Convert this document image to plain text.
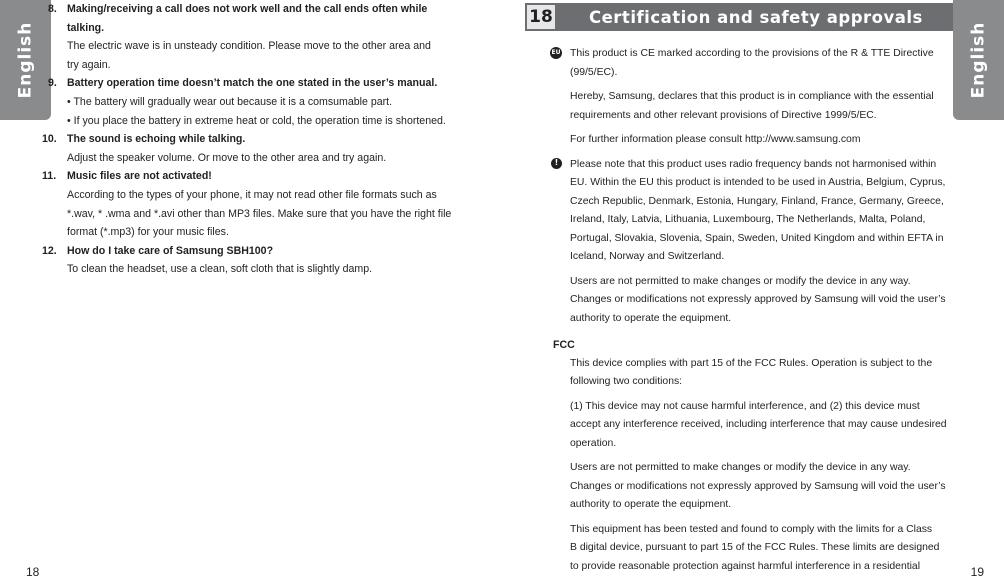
English
8. Making/receiving a call does not work well and the call ends often while
talking.
The electric wave is in unsteady condition. Please move to the other area and
try again.
9. Battery operation time doesn’t match the one stated in the user’s manual.
• The battery will gradually wear out because it is a comsumable part.
• If you place the battery in extreme heat or cold, the operation time is shortened.
10. The sound is echoing while talking.
Adjust the speaker volume. Or move to the other area and try again.
11. Music files are not activated!
According to the types of your phone, it may not read other file formats such as
*.wav, * .wma and *.avi other than MP3 files. Make sure that you have the right file
format (*.mp3) for your music files.
12. How do I take care of Samsung SBH100?
To clean the headset, use a clean, soft cloth that is slightly damp.
18
18 Certification and safety approvals
EU This product is CE marked according to the provisions of the R & TTE Directive
(99/5/EC).
Hereby, Samsung, declares that this product is in compliance with the essential
requirements and other relevant provisions of Directive 1999/5/EC.
For further information please consult http://www.samsung.com
!	Please note that this product uses radio frequency bands not harmonised within
EU. Within the EU this product is intended to be used in Austria, Belgium, Cyprus,
Czech Republic, Denmark, Estonia, Hungary, Finland, France, Germany, Greece,
Ireland, Italy, Latvia, Lithuania, Luxembourg, The Netherlands, Malta, Poland,
Portugal, Slovakia, Slovenia, Spain, Sweden, United Kingdom and within EFTA in
Iceland, Norway and Switzerland.
Users are not permitted to make changes or modify the device in any way.
Changes or modifications not expressly approved by Samsung will void the user’s
authority to operate the equipment.
FCC
This device complies with part 15 of the FCC Rules. Operation is subject to the
following two conditions:
(1) This device may not cause harmful interference, and (2) this device must
accept any interference received, including interference that may cause undesired
operation.
Users are not permitted to make changes or modify the device in any way.
Changes or modifications not expressly approved by Samsung will void the user’s
authority to operate the equipment.
This equipment has been tested and found to comply with the limits for a Class
B digital device, pursuant to part 15 of the FCC Rules. These limits are designed
to provide reasonable protection against harmful interference in a residential
English
19
